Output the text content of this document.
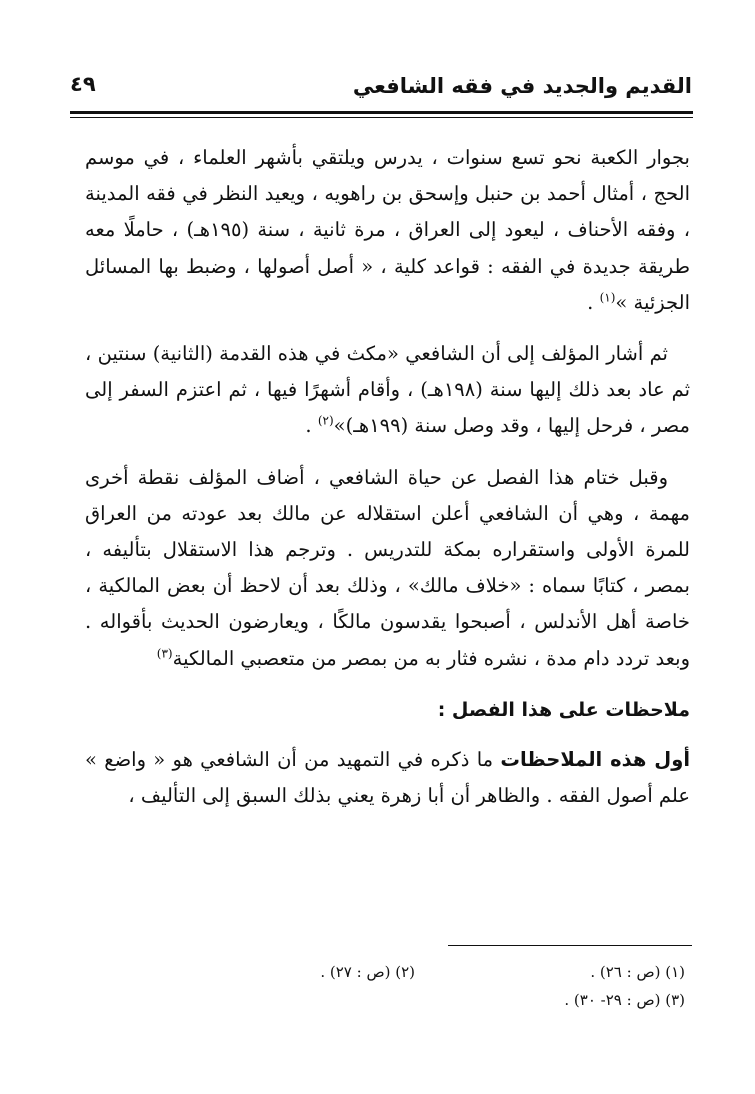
القديم والجديد في فقه الشافعي
٤٩

بجوار الكعبة نحو تسع سنوات ، يدرس ويلتقي بأشهر العلماء ، في موسم الحج ، أمثال أحمد بن حنبل وإسحق بن راهويه ، ويعيد النظر في فقه المدينة ، وفقه الأحناف ، ليعود إلى العراق ، مرة ثانية ، سنة (١٩٥هـ) ، حاملًا معه طريقة جديدة في الفقه : قواعد كلية ، « أصل أصولها ، وضبط بها المسائل الجزئية »$^{(١)}$ .

ثم أشار المؤلف إلى أن الشافعي «مكث في هذه القدمة (الثانية) سنتين ، ثم عاد بعد ذلك إليها سنة (١٩٨هـ) ، وأقام أشهرًا فيها ، ثم اعتزم السفر إلى مصر ، فرحل إليها ، وقد وصل سنة (١٩٩هـ)»$^{(٢)}$ .

وقبل ختام هذا الفصل عن حياة الشافعي ، أضاف المؤلف نقطة أخرى مهمة ، وهي أن الشافعي أعلن استقلاله عن مالك بعد عودته من العراق للمرة الأولى واستقراره بمكة للتدريس . وترجم هذا الاستقلال بتأليفه ، بمصر ، كتابًا سماه : «خلاف مالك» ، وذلك بعد أن لاحظ أن بعض المالكية ، خاصة أهل الأندلس ، أصبحوا يقدسون مالكًا ، ويعارضون الحديث بأقواله . وبعد تردد دام مدة ، نشره فثار به من بمصر من متعصبي المالكية$^{(٣)}$

ملاحظات على هذا الفصل :

أول هذه الملاحظات ما ذكره في التمهيد من أن الشافعي هو « واضع » علم أصول الفقه . والظاهر أن أبا زهرة يعني بذلك السبق إلى التأليف ،

(١) (ص : ٢٦) .
(٢) (ص : ٢٧) .
(٣) (ص : ٢٩- ٣٠) .
